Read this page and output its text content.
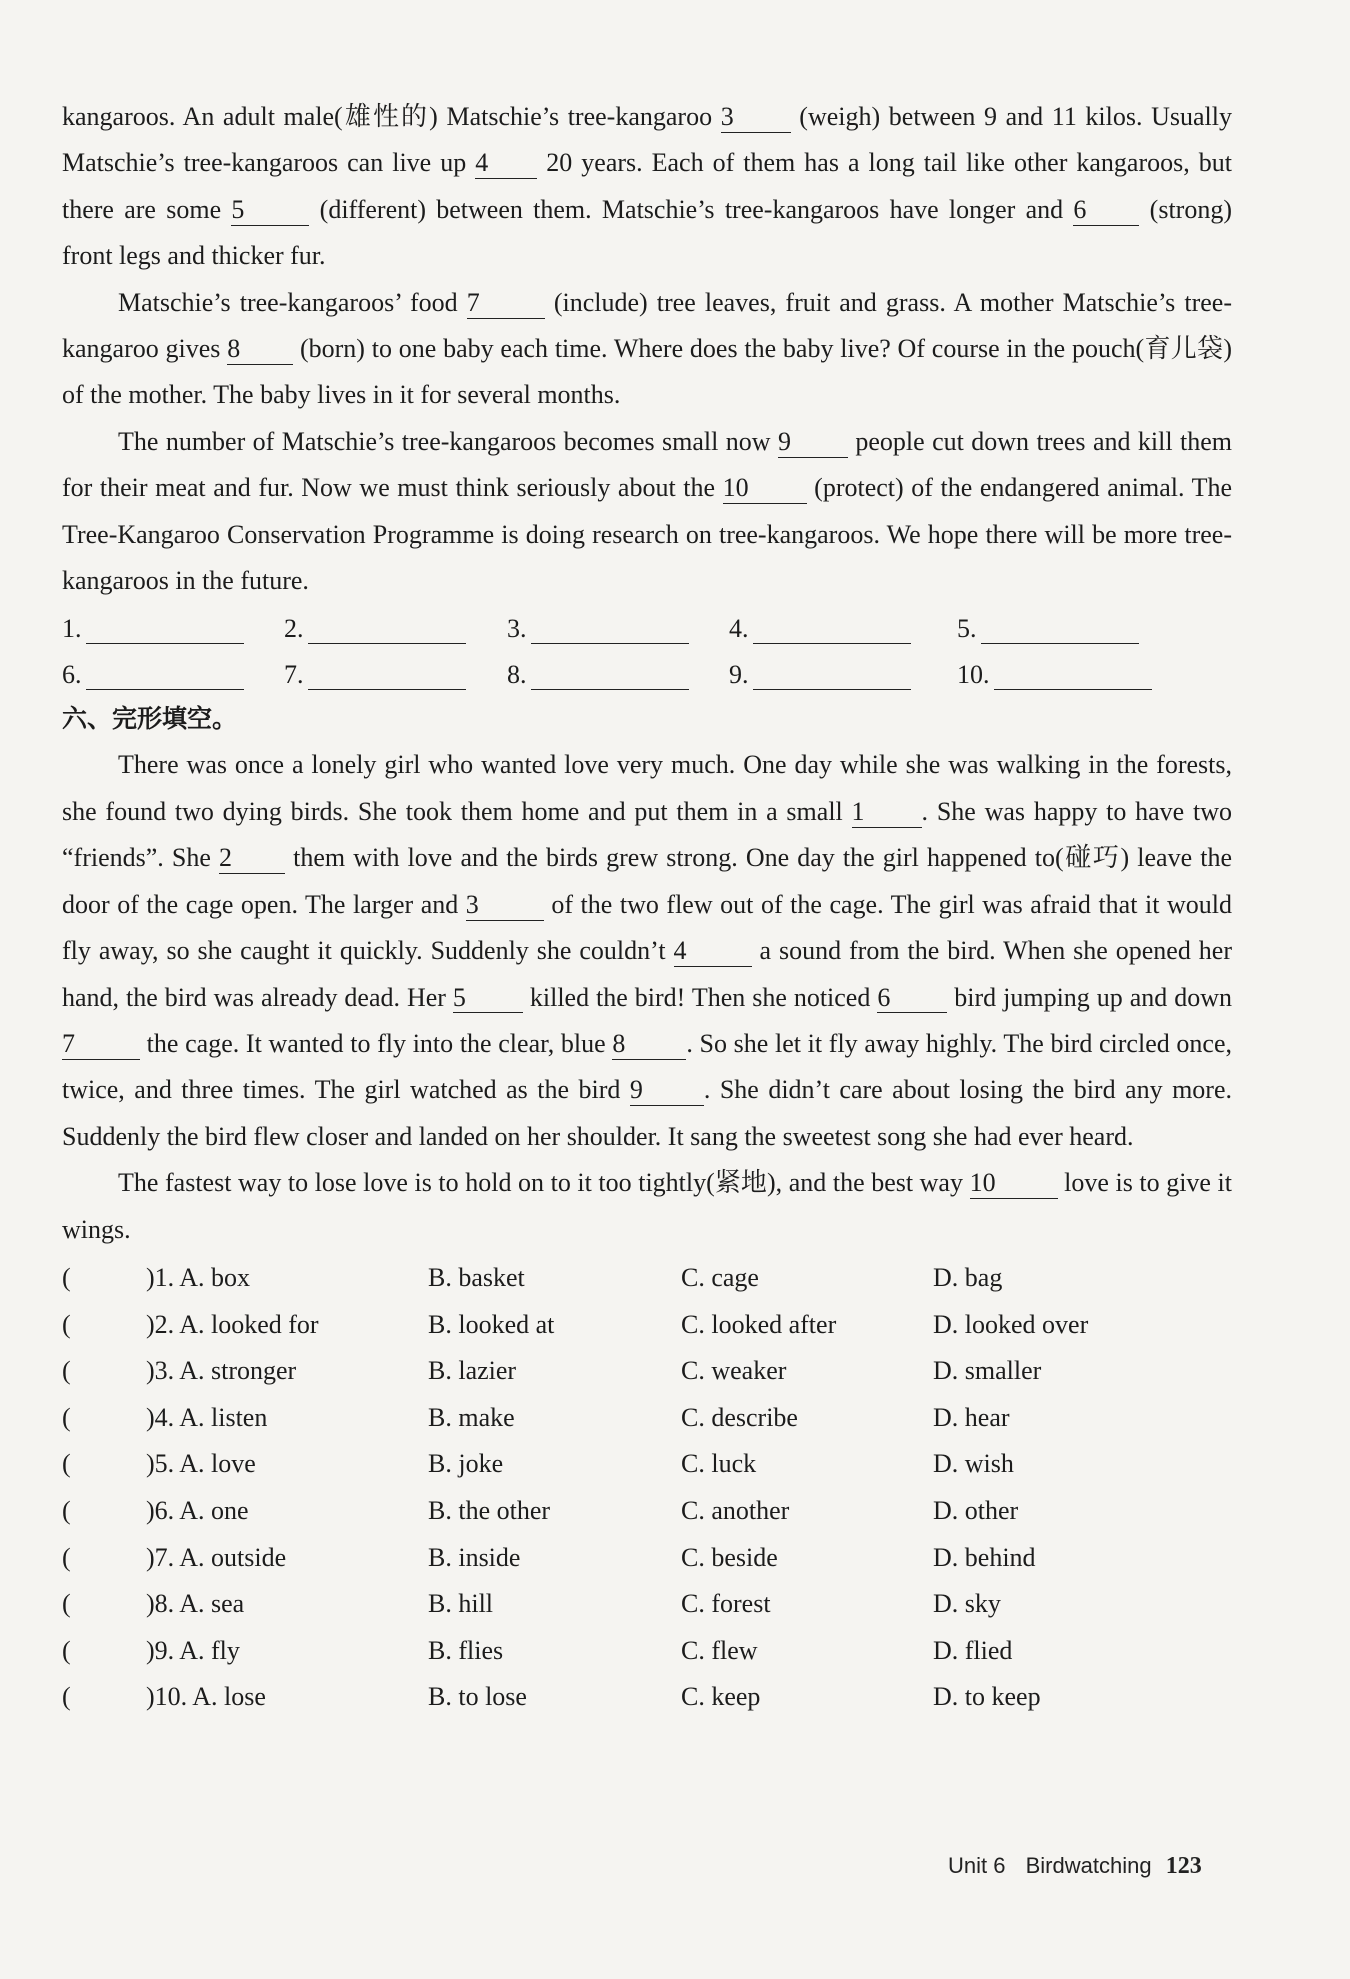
kangaroos. An adult male(雄性的) Matschie’s tree-kangaroo 3 (weigh) between 9 and 11 kilos. Usually Matschie’s tree-kangaroos can live up 4 20 years. Each of them has a long tail like other kangaroos, but there are some 5	(different) between them. Matschie’s tree-kangaroos have longer and 6 (strong) front legs and thicker fur.

Matschie’s tree-kangaroos’ food 7	(include) tree leaves, fruit and grass. A mother Matschie’s tree-kangaroo gives 8 (born) to one baby each time. Where does the baby live? Of course in the pouch(育儿袋) of the mother. The baby lives in it for several months.

The number of Matschie’s tree-kangaroos becomes small now 9 people cut down trees and kill them for their meat and fur. Now we must think seriously about the 10 (protect) of the endangered animal. The Tree-Kangaroo Conservation Programme is doing research on tree-kangaroos. We hope there will be more tree-kangaroos in the future.

1.	2.	3.	4.	5.
6.	7.	8.	9.	10.
六、完形填空。

There was once a lonely girl who wanted love very much. One day while she was walking in the forests, she found two dying birds. She took them home and put them in a small 1 . She was happy to have two “friends”. She 2 them with love and the birds grew strong. One day the girl happened to(碰巧) leave the door of the cage open. The larger and 3	of the two flew out of the cage. The girl was afraid that it would fly away, so she caught it quickly. Suddenly she couldn’t 4	a sound from the bird. When she opened her hand, the bird was already dead. Her 5 killed the bird! Then she noticed 6 bird jumping up and down 7	the cage. It wanted to fly into the clear, blue 8 . So she let it fly away highly. The bird circled once, twice, and three times. The girl watched as the bird 9 . She didn’t care about losing the bird any more. Suddenly the bird flew closer and landed on her shoulder. It sang the sweetest song she had ever heard.

The fastest way to lose love is to hold on to it too tightly(紧地), and the best way 10 love is to give it wings.

(	)1. A. box	B. basket	C. cage	D. bag
(	)2. A. looked for	B. looked at	C. looked after	D. looked over
(	)3. A. stronger	B. lazier	C. weaker	D. smaller
(	)4. A. listen	B. make	C. describe	D. hear
(	)5. A. love	B. joke	C. luck	D. wish
(	)6. A. one	B. the other	C. another	D. other
(	)7. A. outside	B. inside	C. beside	D. behind
(	)8. A. sea	B. hill	C. forest	D. sky
(	)9. A. fly	B. flies	C. flew	D. flied
(	)10. A. lose	B. to lose	C. keep	D. to keep
Unit 6 Birdwatching 123
